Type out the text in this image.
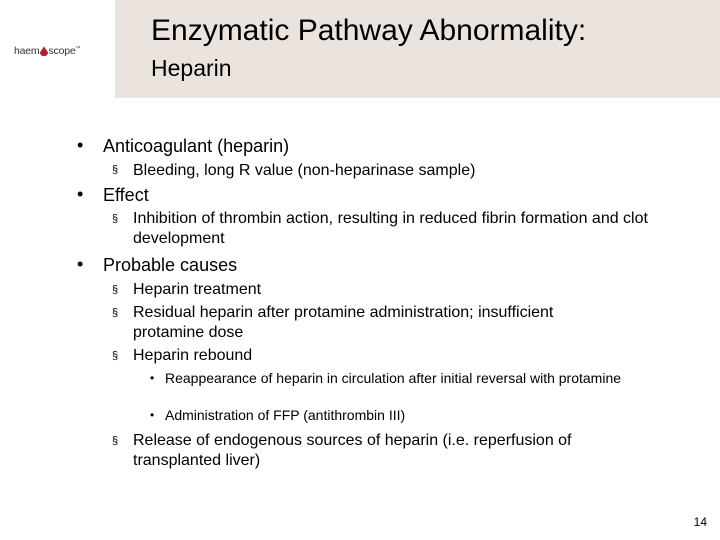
haem scope™
Enzymatic Pathway Abnormality:
Heparin
• Anticoagulant (heparin)
§ Bleeding, long R value (non-heparinase sample)
• Effect
§ Inhibition of thrombin action, resulting in reduced fibrin formation and clot development
• Probable causes
§ Heparin treatment
§ Residual heparin after protamine administration; insufficient protamine dose
§ Heparin rebound
• Reappearance of heparin in circulation after initial reversal with protamine
• Administration of FFP (antithrombin III)
§ Release of endogenous sources of heparin (i.e. reperfusion of transplanted liver)
14
